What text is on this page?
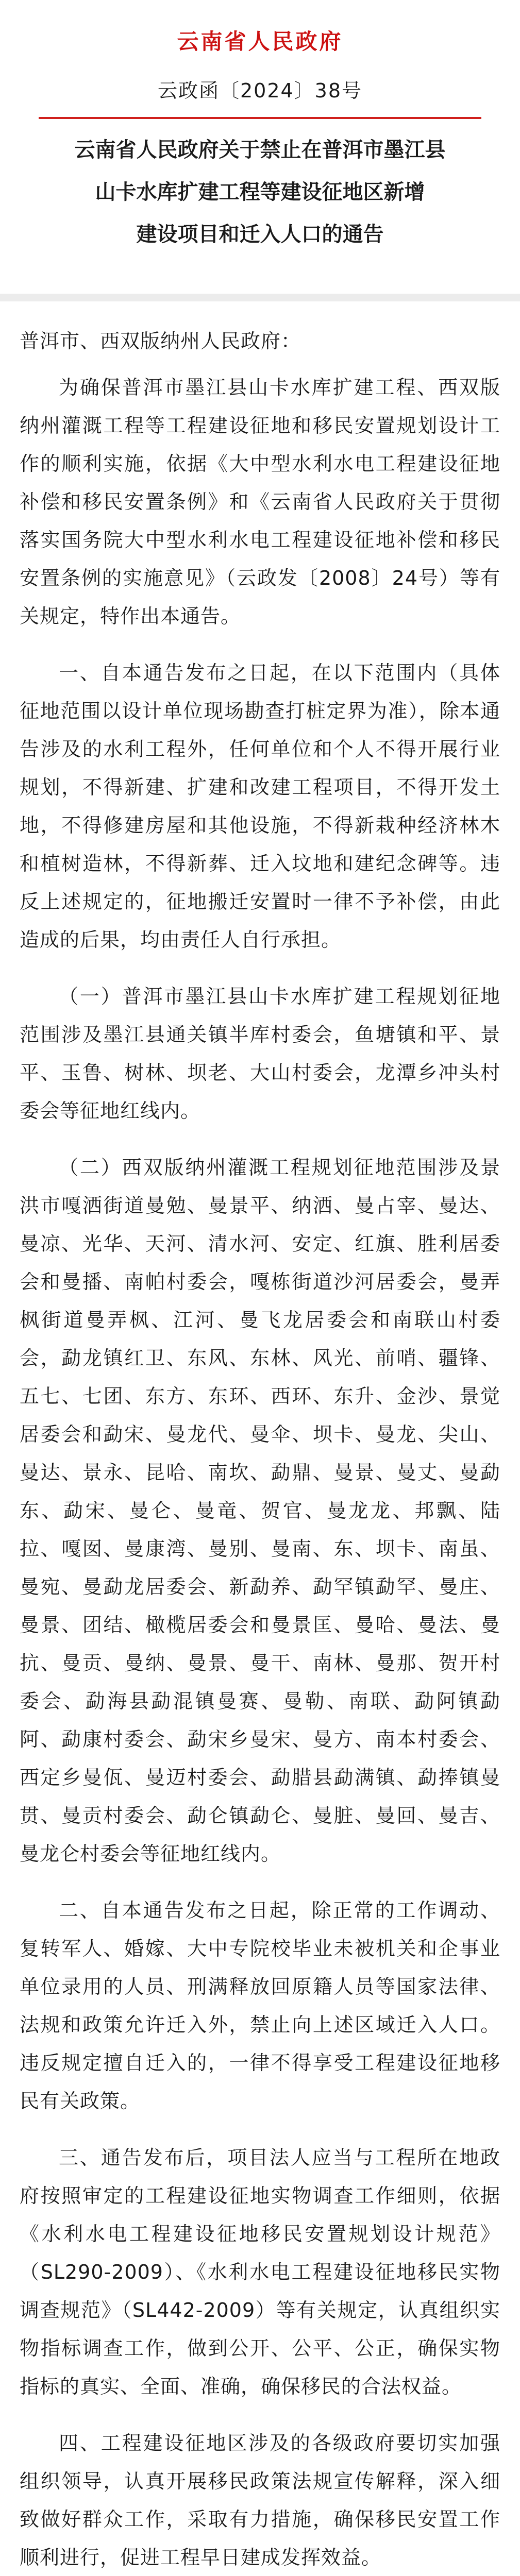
云南省人民政府
云政函〔2024〕38号
云南省人民政府关于禁止在普洱市墨江县
山卡水库扩建工程等建设征地区新增
建设项目和迁入人口的通告

普洱市、西双版纳州人民政府：

为确保普洱市墨江县山卡水库扩建工程、西双版纳州灌溉工程等工程建设征地和移民安置规划设计工作的顺利实施，依据《大中型水利水电工程建设征地补偿和移民安置条例》和《云南省人民政府关于贯彻落实国务院大中型水利水电工程建设征地补偿和移民安置条例的实施意见》（云政发〔2008〕24号）等有关规定，特作出本通告。

一、自本通告发布之日起，在以下范围内（具体征地范围以设计单位现场勘查打桩定界为准），除本通告涉及的水利工程外，任何单位和个人不得开展行业规划，不得新建、扩建和改建工程项目，不得开发土地，不得修建房屋和其他设施，不得新栽种经济林木和植树造林，不得新葬、迁入坟地和建纪念碑等。违反上述规定的，征地搬迁安置时一律不予补偿，由此造成的后果，均由责任人自行承担。

（一）普洱市墨江县山卡水库扩建工程规划征地范围涉及墨江县通关镇半库村委会，鱼塘镇和平、景平、玉鲁、树林、坝老、大山村委会，龙潭乡冲头村委会等征地红线内。

（二）西双版纳州灌溉工程规划征地范围涉及景洪市嘎洒街道曼勉、曼景平、纳洒、曼占宰、曼达、曼凉、光华、天河、清水河、安定、红旗、胜利居委会和曼播、南帕村委会，嘎栋街道沙河居委会，曼弄枫街道曼弄枫、江河、曼飞龙居委会和南联山村委会，勐龙镇红卫、东风、东林、风光、前哨、疆锋、五七、七团、东方、东环、西环、东升、金沙、景觉居委会和勐宋、曼龙代、曼伞、坝卡、曼龙、尖山、曼达、景永、昆哈、南坎、勐鼎、曼景、曼丈、曼勐东、勐宋、曼仑、曼竜、贺官、曼龙龙、邦飘、陆拉、嘎囡、曼康湾、曼别、曼南、东、坝卡、南虽、曼宛、曼勐龙居委会、新勐养、勐罕镇勐罕、曼庄、曼景、团结、橄榄居委会和曼景匡、曼哈、曼法、曼抗、曼贡、曼纳、曼景、曼干、南林、曼那、贺开村委会、勐海县勐混镇曼赛、曼勒、南联、勐阿镇勐阿、勐康村委会、勐宋乡曼宋、曼方、南本村委会、西定乡曼佤、曼迈村委会、勐腊县勐满镇、勐捧镇曼贯、曼贡村委会、勐仑镇勐仑、曼脏、曼回、曼吉、曼龙仑村委会等征地红线内。

二、自本通告发布之日起，除正常的工作调动、复转军人、婚嫁、大中专院校毕业未被机关和企事业单位录用的人员、刑满释放回原籍人员等国家法律、法规和政策允许迁入外，禁止向上述区域迁入人口。违反规定擅自迁入的，一律不得享受工程建设征地移民有关政策。

三、通告发布后，项目法人应当与工程所在地政府按照审定的工程建设征地实物调查工作细则，依据《水利水电工程建设征地移民安置规划设计规范》（SL290-2009）、《水利水电工程建设征地移民实物调查规范》（SL442-2009）等有关规定，认真组织实物指标调查工作，做到公开、公平、公正，确保实物指标的真实、全面、准确，确保移民的合法权益。

四、工程建设征地区涉及的各级政府要切实加强组织领导，认真开展移民政策法规宣传解释，深入细致做好群众工作，采取有力措施，确保移民安置工作顺利进行，促进工程早日建成发挥效益。
